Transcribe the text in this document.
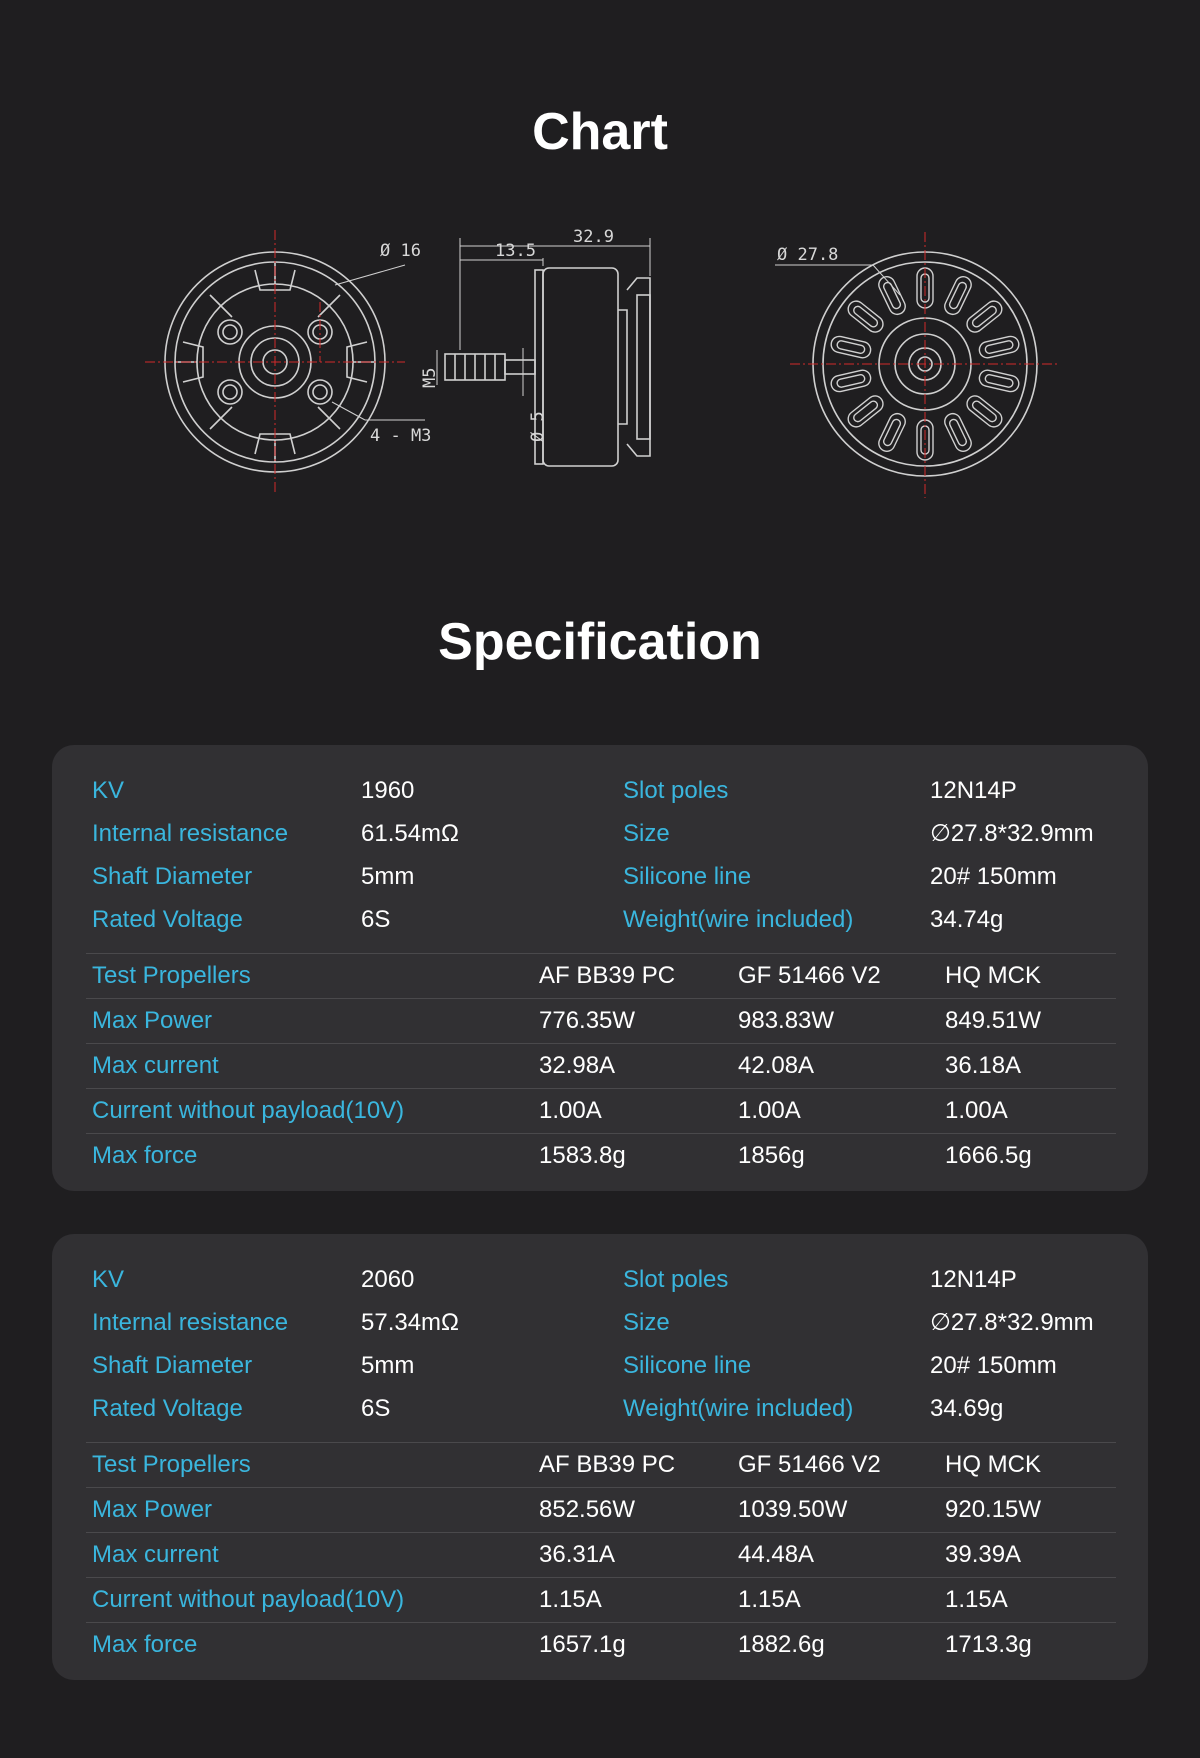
Chart
Ø 16
4 - M3
32.9
13.5
M5
Ø 5
Ø 27.8
Specification
KV	1960	Slot poles	12N14P
Internal resistance	61.54mΩ	Size	∅27.8*32.9mm
Shaft Diameter	5mm	Silicone line	20# 150mm
Rated Voltage	6S	Weight(wire included)	34.74g
Test Propellers	AF BB39 PC	GF 51466 V2	HQ MCK
Max Power	776.35W	983.83W	849.51W
Max current	32.98A	42.08A	36.18A
Current without payload(10V)	1.00A	1.00A	1.00A
Max force	1583.8g	1856g	1666.5g
KV	2060	Slot poles	12N14P
Internal resistance	57.34mΩ	Size	∅27.8*32.9mm
Shaft Diameter	5mm	Silicone line	20# 150mm
Rated Voltage	6S	Weight(wire included)	34.69g
Test Propellers	AF BB39 PC	GF 51466 V2	HQ MCK
Max Power	852.56W	1039.50W	920.15W
Max current	36.31A	44.48A	39.39A
Current without payload(10V)	1.15A	1.15A	1.15A
Max force	1657.1g	1882.6g	1713.3g
